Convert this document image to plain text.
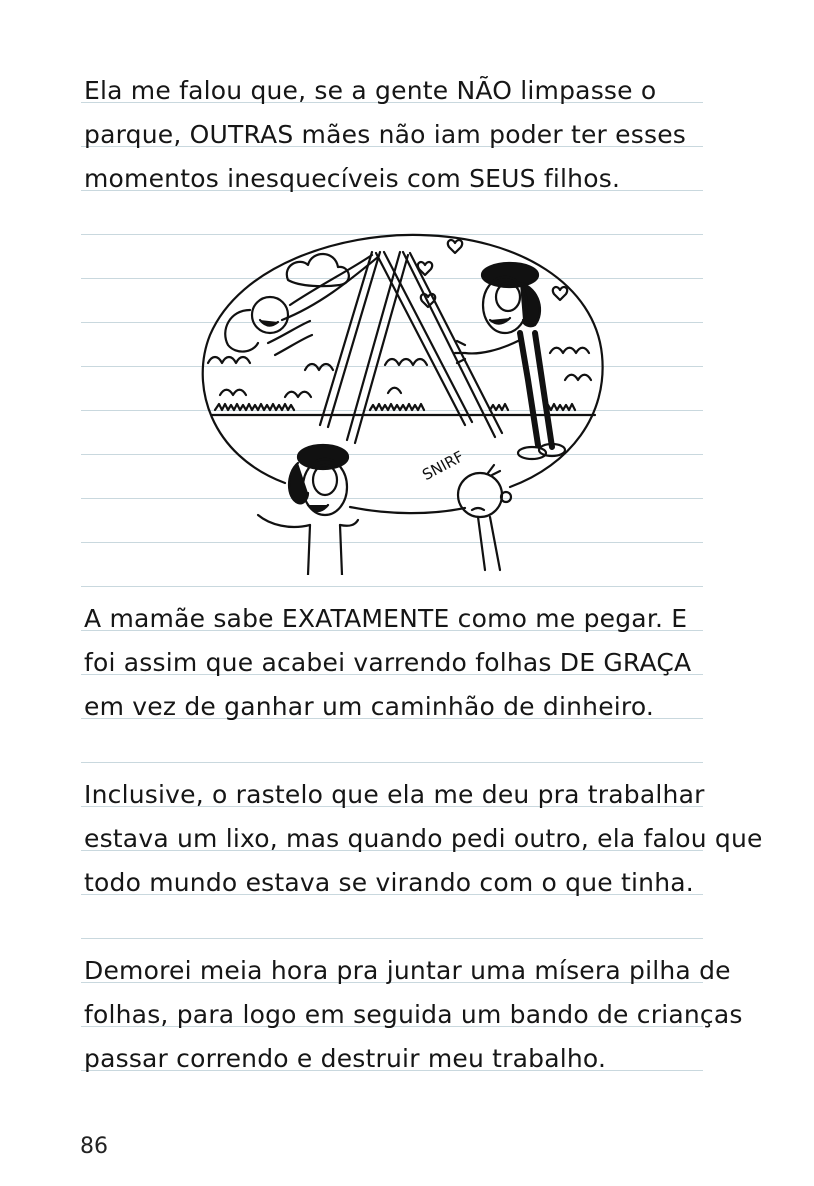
Ela me falou que, se a gente NÃO limpasse o
parque, OUTRAS mães não iam poder ter esses
momentos inesquecíveis com SEUS filhos.
SNIRF
A mamãe sabe EXATAMENTE como me pegar. E
foi assim que acabei varrendo folhas DE GRAÇA
em vez de ganhar um caminhão de dinheiro.
Inclusive, o rastelo que ela me deu pra trabalhar
estava um lixo, mas quando pedi outro, ela falou que
todo mundo estava se virando com o que tinha.
Demorei meia hora pra juntar uma mísera pilha de
folhas, para logo em seguida um bando de crianças
passar correndo e destruir meu trabalho.
86
